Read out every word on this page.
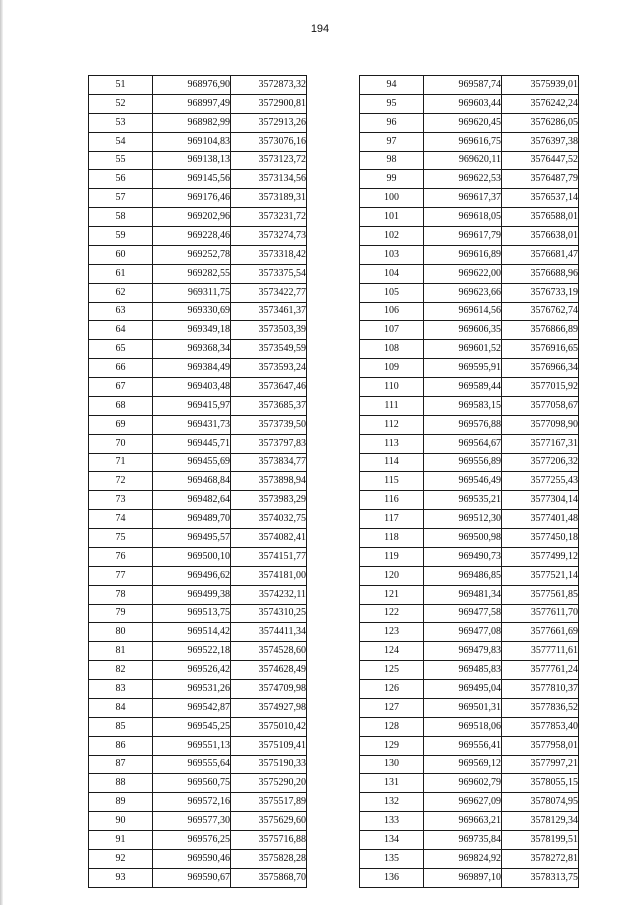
194
51	968976,90	3572873,32
52	968997,49	3572900,81
53	968982,99	3572913,26
54	969104,83	3573076,16
55	969138,13	3573123,72
56	969145,56	3573134,56
57	969176,46	3573189,31
58	969202,96	3573231,72
59	969228,46	3573274,73
60	969252,78	3573318,42
61	969282,55	3573375,54
62	969311,75	3573422,77
63	969330,69	3573461,37
64	969349,18	3573503,39
65	969368,34	3573549,59
66	969384,49	3573593,24
67	969403,48	3573647,46
68	969415,97	3573685,37
69	969431,73	3573739,50
70	969445,71	3573797,83
71	969455,69	3573834,77
72	969468,84	3573898,94
73	969482,64	3573983,29
74	969489,70	3574032,75
75	969495,57	3574082,41
76	969500,10	3574151,77
77	969496,62	3574181,00
78	969499,38	3574232,11
79	969513,75	3574310,25
80	969514,42	3574411,34
81	969522,18	3574528,60
82	969526,42	3574628,49
83	969531,26	3574709,98
84	969542,87	3574927,98
85	969545,25	3575010,42
86	969551,13	3575109,41
87	969555,64	3575190,33
88	969560,75	3575290,20
89	969572,16	3575517,89
90	969577,30	3575629,60
91	969576,25	3575716,88
92	969590,46	3575828,28
93	969590,67	3575868,70
94	969587,74	3575939,01
95	969603,44	3576242,24
96	969620,45	3576286,05
97	969616,75	3576397,38
98	969620,11	3576447,52
99	969622,53	3576487,79
100	969617,37	3576537,14
101	969618,05	3576588,01
102	969617,79	3576638,01
103	969616,89	3576681,47
104	969622,00	3576688,96
105	969623,66	3576733,19
106	969614,56	3576762,74
107	969606,35	3576866,89
108	969601,52	3576916,65
109	969595,91	3576966,34
110	969589,44	3577015,92
111	969583,15	3577058,67
112	969576,88	3577098,90
113	969564,67	3577167,31
114	969556,89	3577206,32
115	969546,49	3577255,43
116	969535,21	3577304,14
117	969512,30	3577401,48
118	969500,98	3577450,18
119	969490,73	3577499,12
120	969486,85	3577521,14
121	969481,34	3577561,85
122	969477,58	3577611,70
123	969477,08	3577661,69
124	969479,83	3577711,61
125	969485,83	3577761,24
126	969495,04	3577810,37
127	969501,31	3577836,52
128	969518,06	3577853,40
129	969556,41	3577958,01
130	969569,12	3577997,21
131	969602,79	3578055,15
132	969627,09	3578074,95
133	969663,21	3578129,34
134	969735,84	3578199,51
135	969824,92	3578272,81
136	969897,10	3578313,75
